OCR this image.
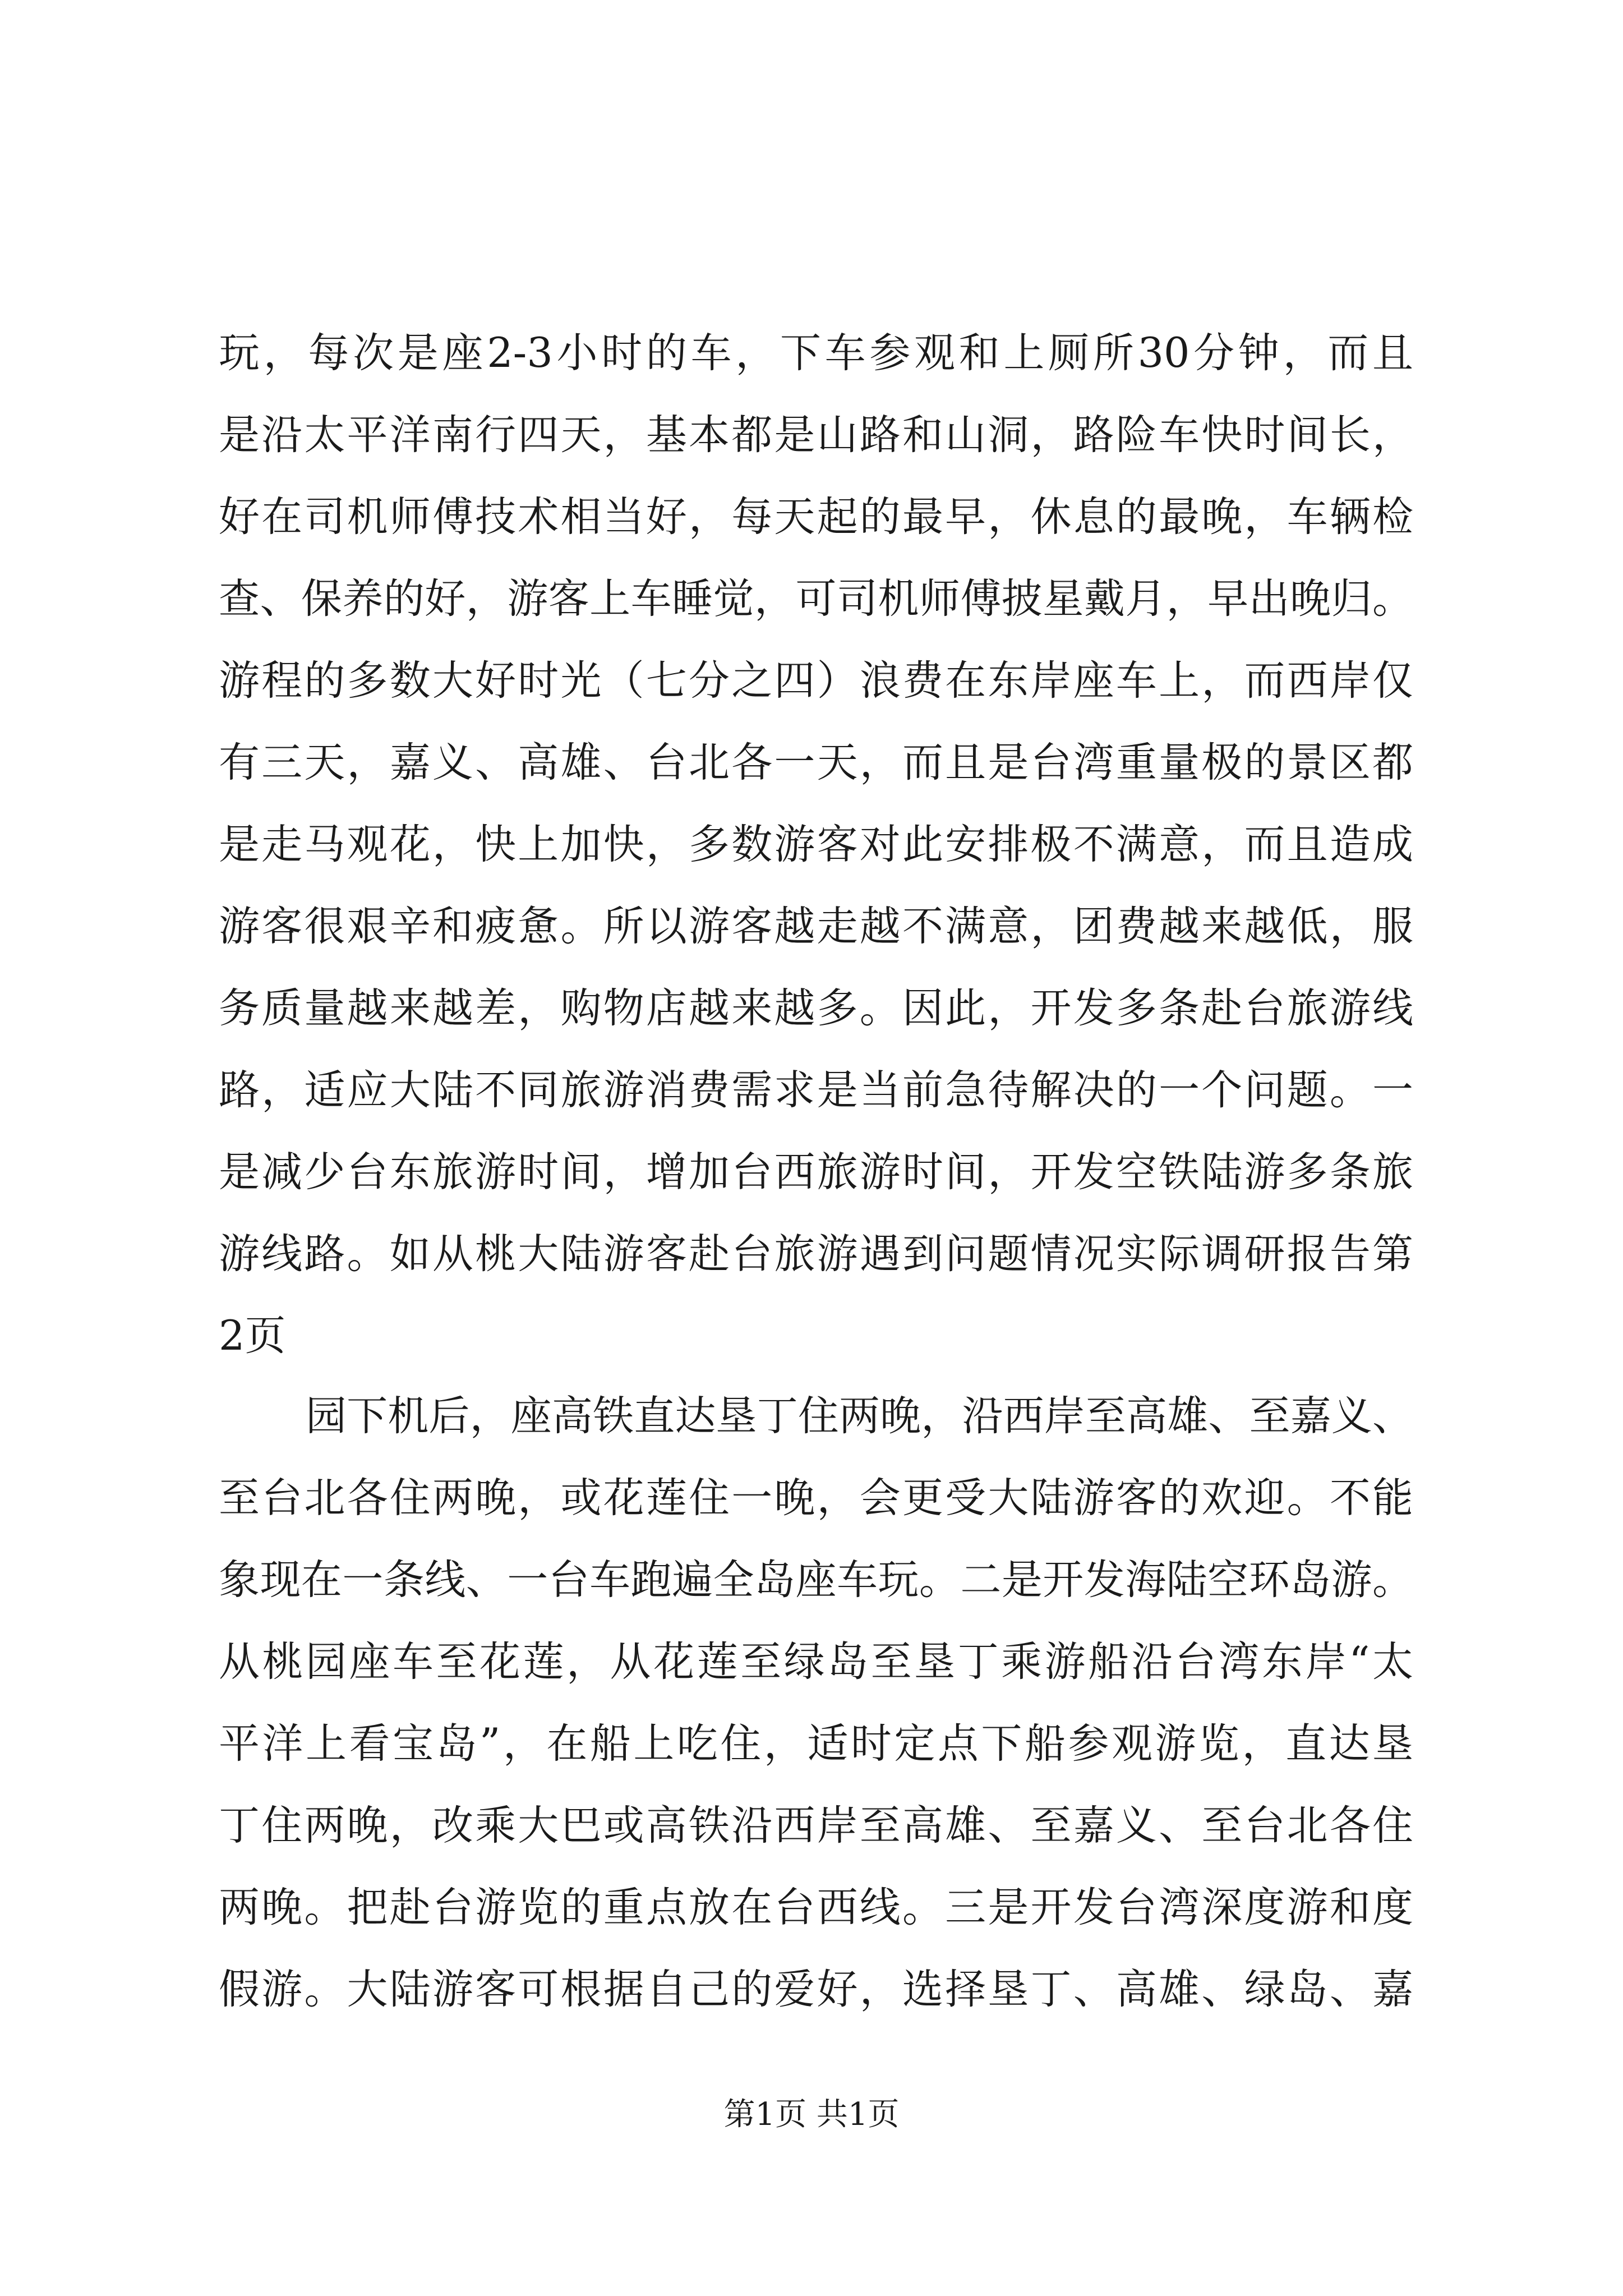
玩，每次是座2-3小时的车，下车参观和上厕所30分钟，而且
是沿太平洋南行四天，基本都是山路和山洞，路险车快时间长，
好在司机师傅技术相当好，每天起的最早，休息的最晚，车辆检
查、保养的好，游客上车睡觉，可司机师傅披星戴月，早出晚归。
游程的多数大好时光（七分之四）浪费在东岸座车上，而西岸仅
有三天，嘉义、高雄、台北各一天，而且是台湾重量极的景区都
是走马观花，快上加快，多数游客对此安排极不满意，而且造成
游客很艰辛和疲惫。所以游客越走越不满意，团费越来越低，服
务质量越来越差，购物店越来越多。因此，开发多条赴台旅游线
路，适应大陆不同旅游消费需求是当前急待解决的一个问题。一
是减少台东旅游时间，增加台西旅游时间，开发空铁陆游多条旅
游线路。如从桃大陆游客赴台旅游遇到问题情况实际调研报告第
2页
园下机后，座高铁直达垦丁住两晚，沿西岸至高雄、至嘉义、
至台北各住两晚，或花莲住一晚，会更受大陆游客的欢迎。不能
象现在一条线、一台车跑遍全岛座车玩。二是开发海陆空环岛游。
从桃园座车至花莲，从花莲至绿岛至垦丁乘游船沿台湾东岸“太
平洋上看宝岛”，在船上吃住，适时定点下船参观游览，直达垦
丁住两晚，改乘大巴或高铁沿西岸至高雄、至嘉义、至台北各住
两晚。把赴台游览的重点放在台西线。三是开发台湾深度游和度
假游。大陆游客可根据自己的爱好，选择垦丁、高雄、绿岛、嘉
第1页 共1页
